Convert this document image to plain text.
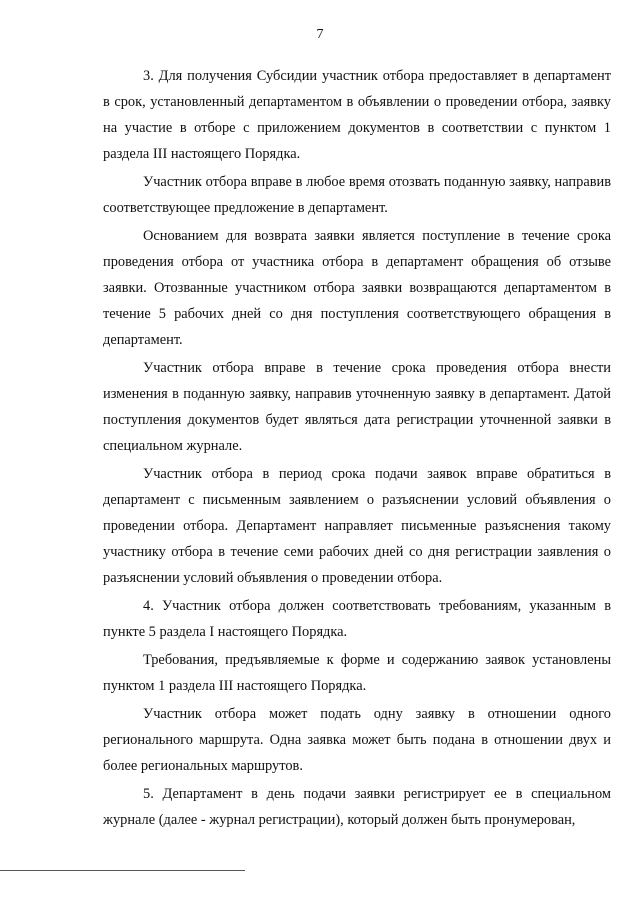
7

3. Для получения Субсидии участник отбора предоставляет в департамент в срок, установленный департаментом в объявлении о проведении отбора, заявку на участие в отборе с приложением документов в соответствии с пунктом 1 раздела III настоящего Порядка.

Участник отбора вправе в любое время отозвать поданную заявку, направив соответствующее предложение в департамент.

Основанием для возврата заявки является поступление в течение срока проведения отбора от участника отбора в департамент обращения об отзыве заявки. Отозванные участником отбора заявки возвращаются департаментом в течение 5 рабочих дней со дня поступления соответствующего обращения в департамент.

Участник отбора вправе в течение срока проведения отбора внести изменения в поданную заявку, направив уточненную заявку в департамент. Датой поступления документов будет являться дата регистрации уточненной заявки в специальном журнале.

Участник отбора в период срока подачи заявок вправе обратиться в департамент с письменным заявлением о разъяснении условий объявления о проведении отбора. Департамент направляет письменные разъяснения такому участнику отбора в течение семи рабочих дней со дня регистрации заявления о разъяснении условий объявления о проведении отбора.

4. Участник отбора должен соответствовать требованиям, указанным в пункте 5 раздела I настоящего Порядка.

Требования, предъявляемые к форме и содержанию заявок установлены пунктом 1 раздела III настоящего Порядка.

Участник отбора может подать одну заявку в отношении одного регионального маршрута. Одна заявка может быть подана в отношении двух и более региональных маршрутов.

5. Департамент в день подачи заявки регистрирует ее в специальном журнале (далее - журнал регистрации), который должен быть пронумерован,
